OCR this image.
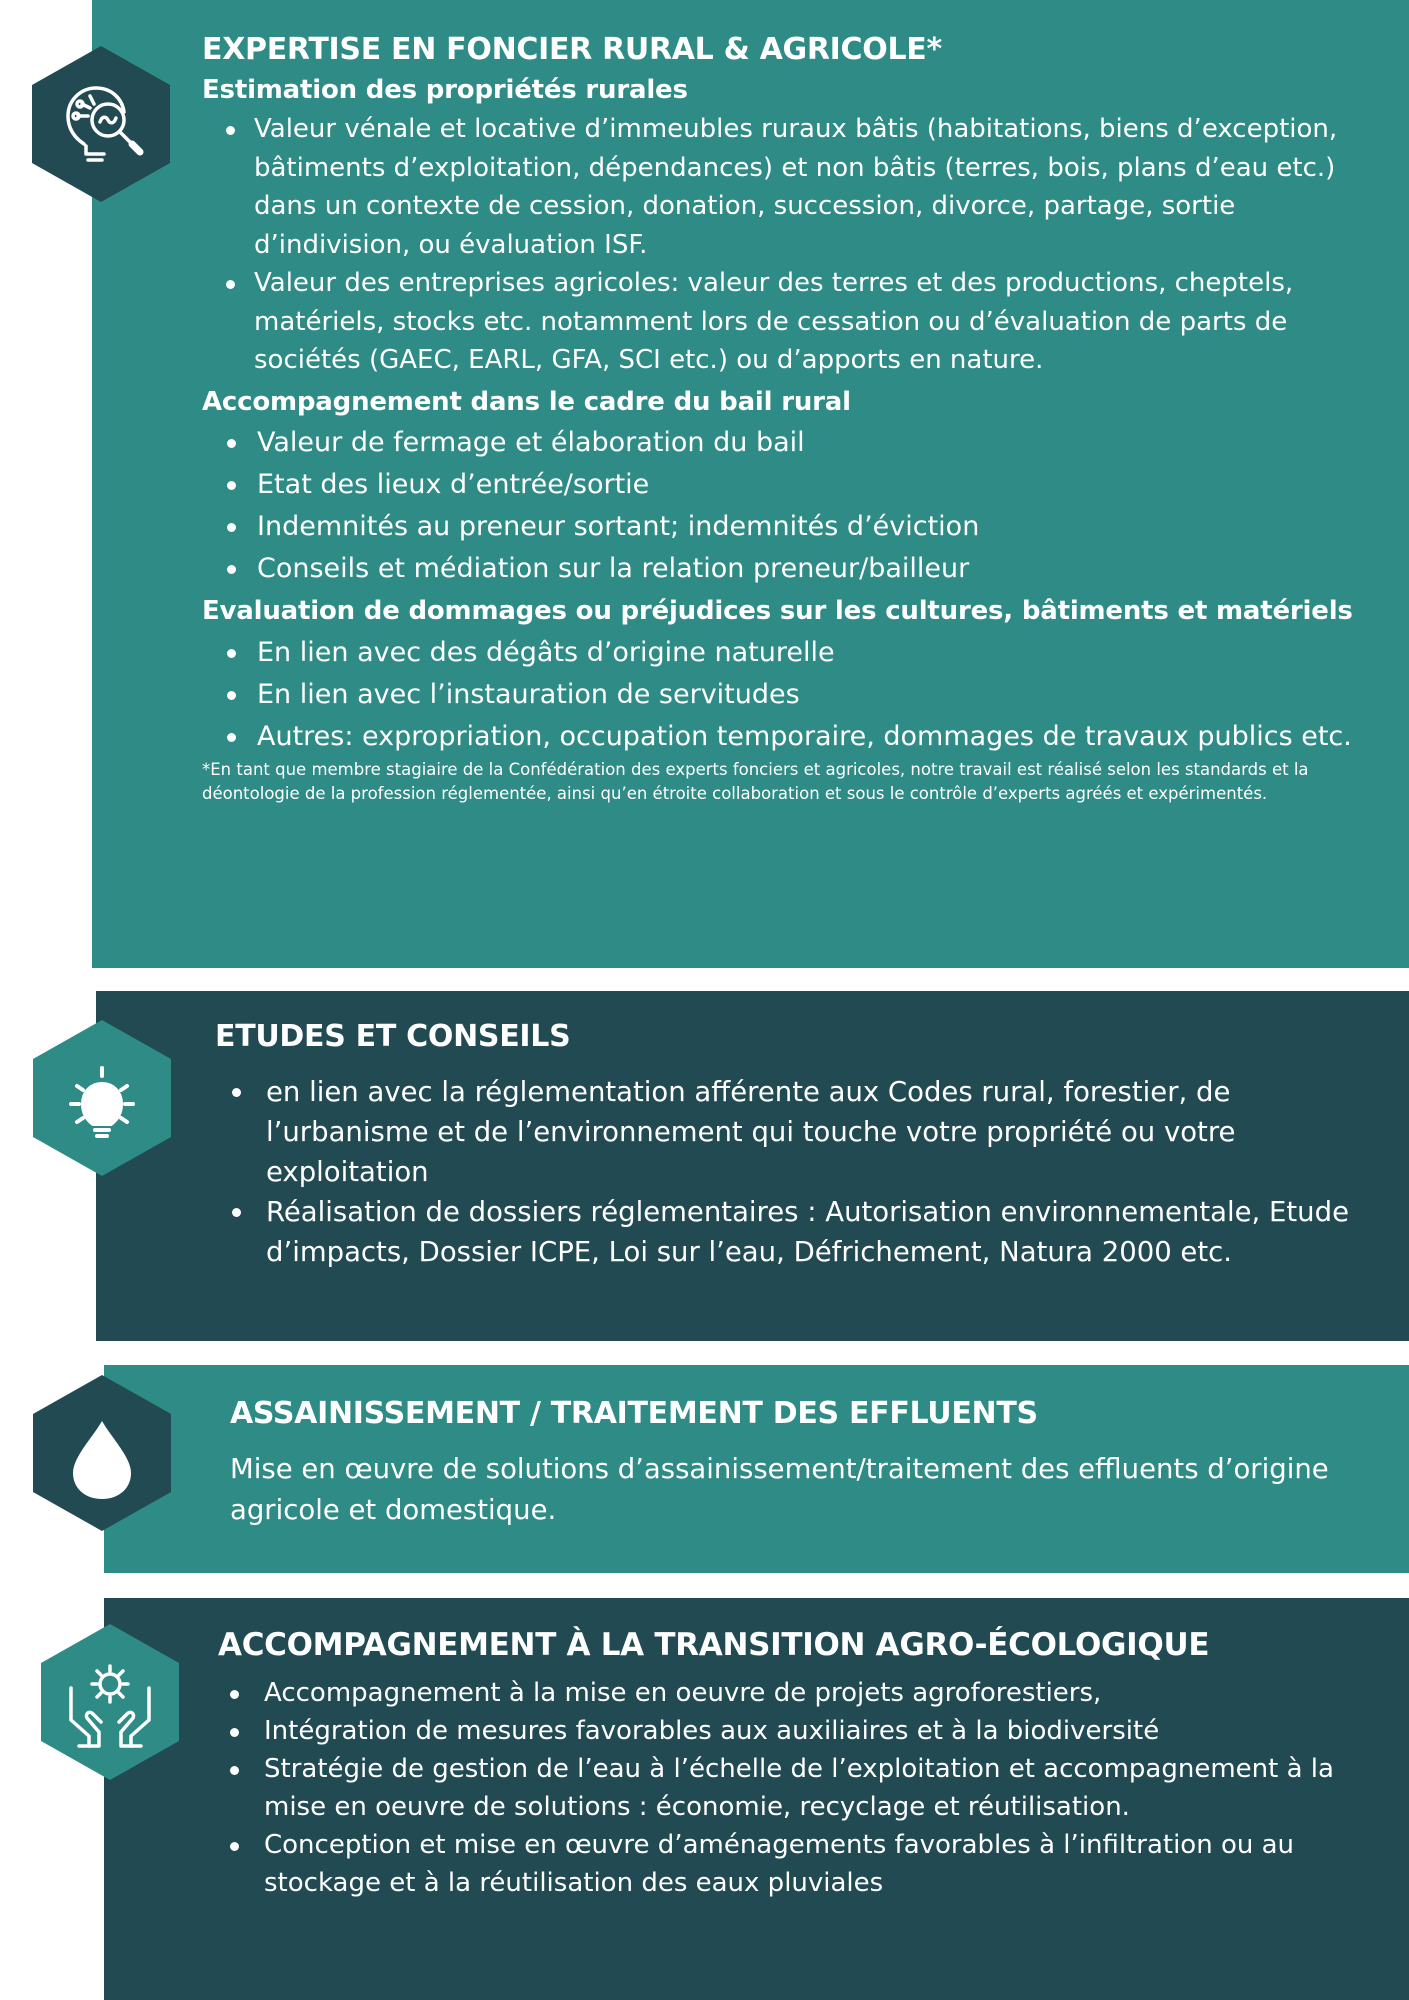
EXPERTISE EN FONCIER RURAL & AGRICOLE*
Estimation des propriétés rurales
Valeur vénale et locative d’immeubles ruraux bâtis (habitations, biens d’exception, bâtiments d’exploitation, dépendances) et non bâtis (terres, bois, plans d’eau etc.) dans un contexte de cession, donation, succession, divorce, partage, sortie d’indivision, ou évaluation ISF.
Valeur des entreprises agricoles: valeur des terres et des productions, cheptels, matériels, stocks etc. notamment lors de cessation ou d’évaluation de parts de sociétés (GAEC, EARL, GFA, SCI etc.) ou d’apports en nature.
Accompagnement dans le cadre du bail rural
Valeur de fermage et élaboration du bail
Etat des lieux d’entrée/sortie
Indemnités au preneur sortant; indemnités d’éviction
Conseils et médiation sur la relation preneur/bailleur
Evaluation de dommages ou préjudices sur les cultures, bâtiments et matériels
En lien avec des dégâts d’origine naturelle
En lien avec l’instauration de servitudes
Autres: expropriation, occupation temporaire, dommages de travaux publics etc.

*En tant que membre stagiaire de la Confédération des experts fonciers et agricoles, notre travail est réalisé selon les standards et la déontologie de la profession réglementée, ainsi qu’en étroite collaboration et sous le contrôle d’experts agréés et expérimentés.

ETUDES ET CONSEILS
en lien avec la réglementation afférente aux Codes rural, forestier, de l’urbanisme et de l’environnement qui touche votre propriété ou votre exploitation
Réalisation de dossiers réglementaires : Autorisation environnementale, Etude d’impacts, Dossier ICPE, Loi sur l’eau, Défrichement, Natura 2000 etc.
ASSAINISSEMENT / TRAITEMENT DES EFFLUENTS

Mise en œuvre de solutions d’assainissement/traitement des effluents d’origine agricole et domestique.

ACCOMPAGNEMENT À LA TRANSITION AGRO-ÉCOLOGIQUE
Accompagnement à la mise en oeuvre de projets agroforestiers,
Intégration de mesures favorables aux auxiliaires et à la biodiversité
Stratégie de gestion de l’eau à l’échelle de l’exploitation et accompagnement à la mise en oeuvre de solutions : économie, recyclage et réutilisation.
Conception et mise en œuvre d’aménagements favorables à l’infiltration ou au stockage et à la réutilisation des eaux pluviales
